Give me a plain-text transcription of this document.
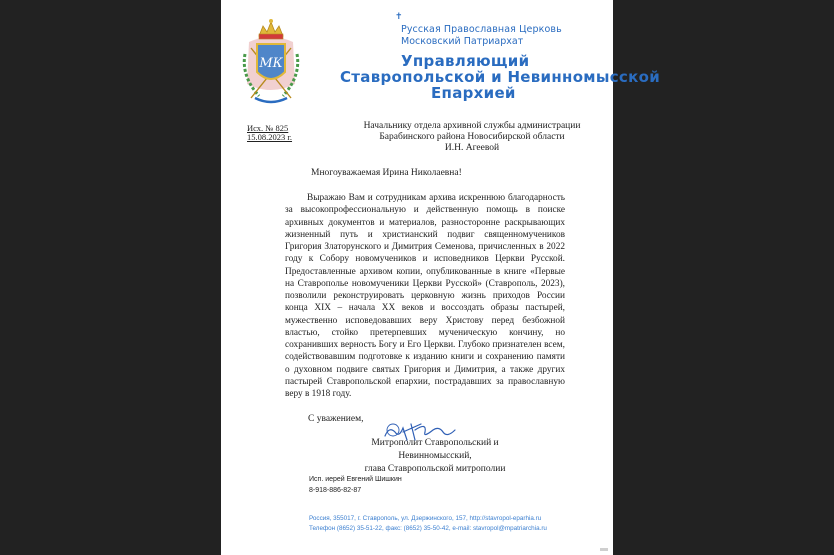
МК
✝
Русская Православная Церковь
Московский Патриархат
Управляющий
Ставропольской и Невинномысской
Епархией
Исх. № 825
15.08.2023 г.
Начальнику отдела архивной службы администрации
Барабинского района Новосибирской области
И.Н. Агеевой
Многоуважаемая Ирина Николаевна!

Выражаю Вам и сотрудникам архива искреннюю благодарность за высокопрофессиональную и действенную помощь в поиске архивных документов и материалов, разносторонне раскрывающих жизненный путь и христианский подвиг священномучеников Григория Златорунского и Димитрия Семенова, причисленных в 2022 году к Собору новомучеников и исповедников Церкви Русской. Предоставленные архивом копии, опубликованные в книге «Первые на Ставрополье новомученики Церкви Русской» (Ставрополь, 2023), позволили реконструировать церковную жизнь приходов России конца XIX – начала XX веков и воссоздать образы пастырей, мужественно исповедовавших веру Христову перед безбожной властью, стойко претерпевших мученическую кончину, но сохранивших верность Богу и Его Церкви. Глубоко признателен всем, содействовавшим подготовке к изданию книги и сохранению памяти о духовном подвиге святых Григория и Димитрия, а также других пастырей Ставропольской епархии, пострадавших за православную веру в 1918 году.

С уважением,
Митрополит Ставропольский и Невинномысский,
глава Ставропольской митрополии
Исп. иерей Евгений Шишкин
8-918-886-82-87
Россия, 355017, г. Ставрополь, ул. Дзержинского, 157, http://stavropol-eparhia.ru
Телефон (8652) 35-51-22, факс: (8652) 35-50-42, e-mail: stavropol@mpatriarchia.ru
